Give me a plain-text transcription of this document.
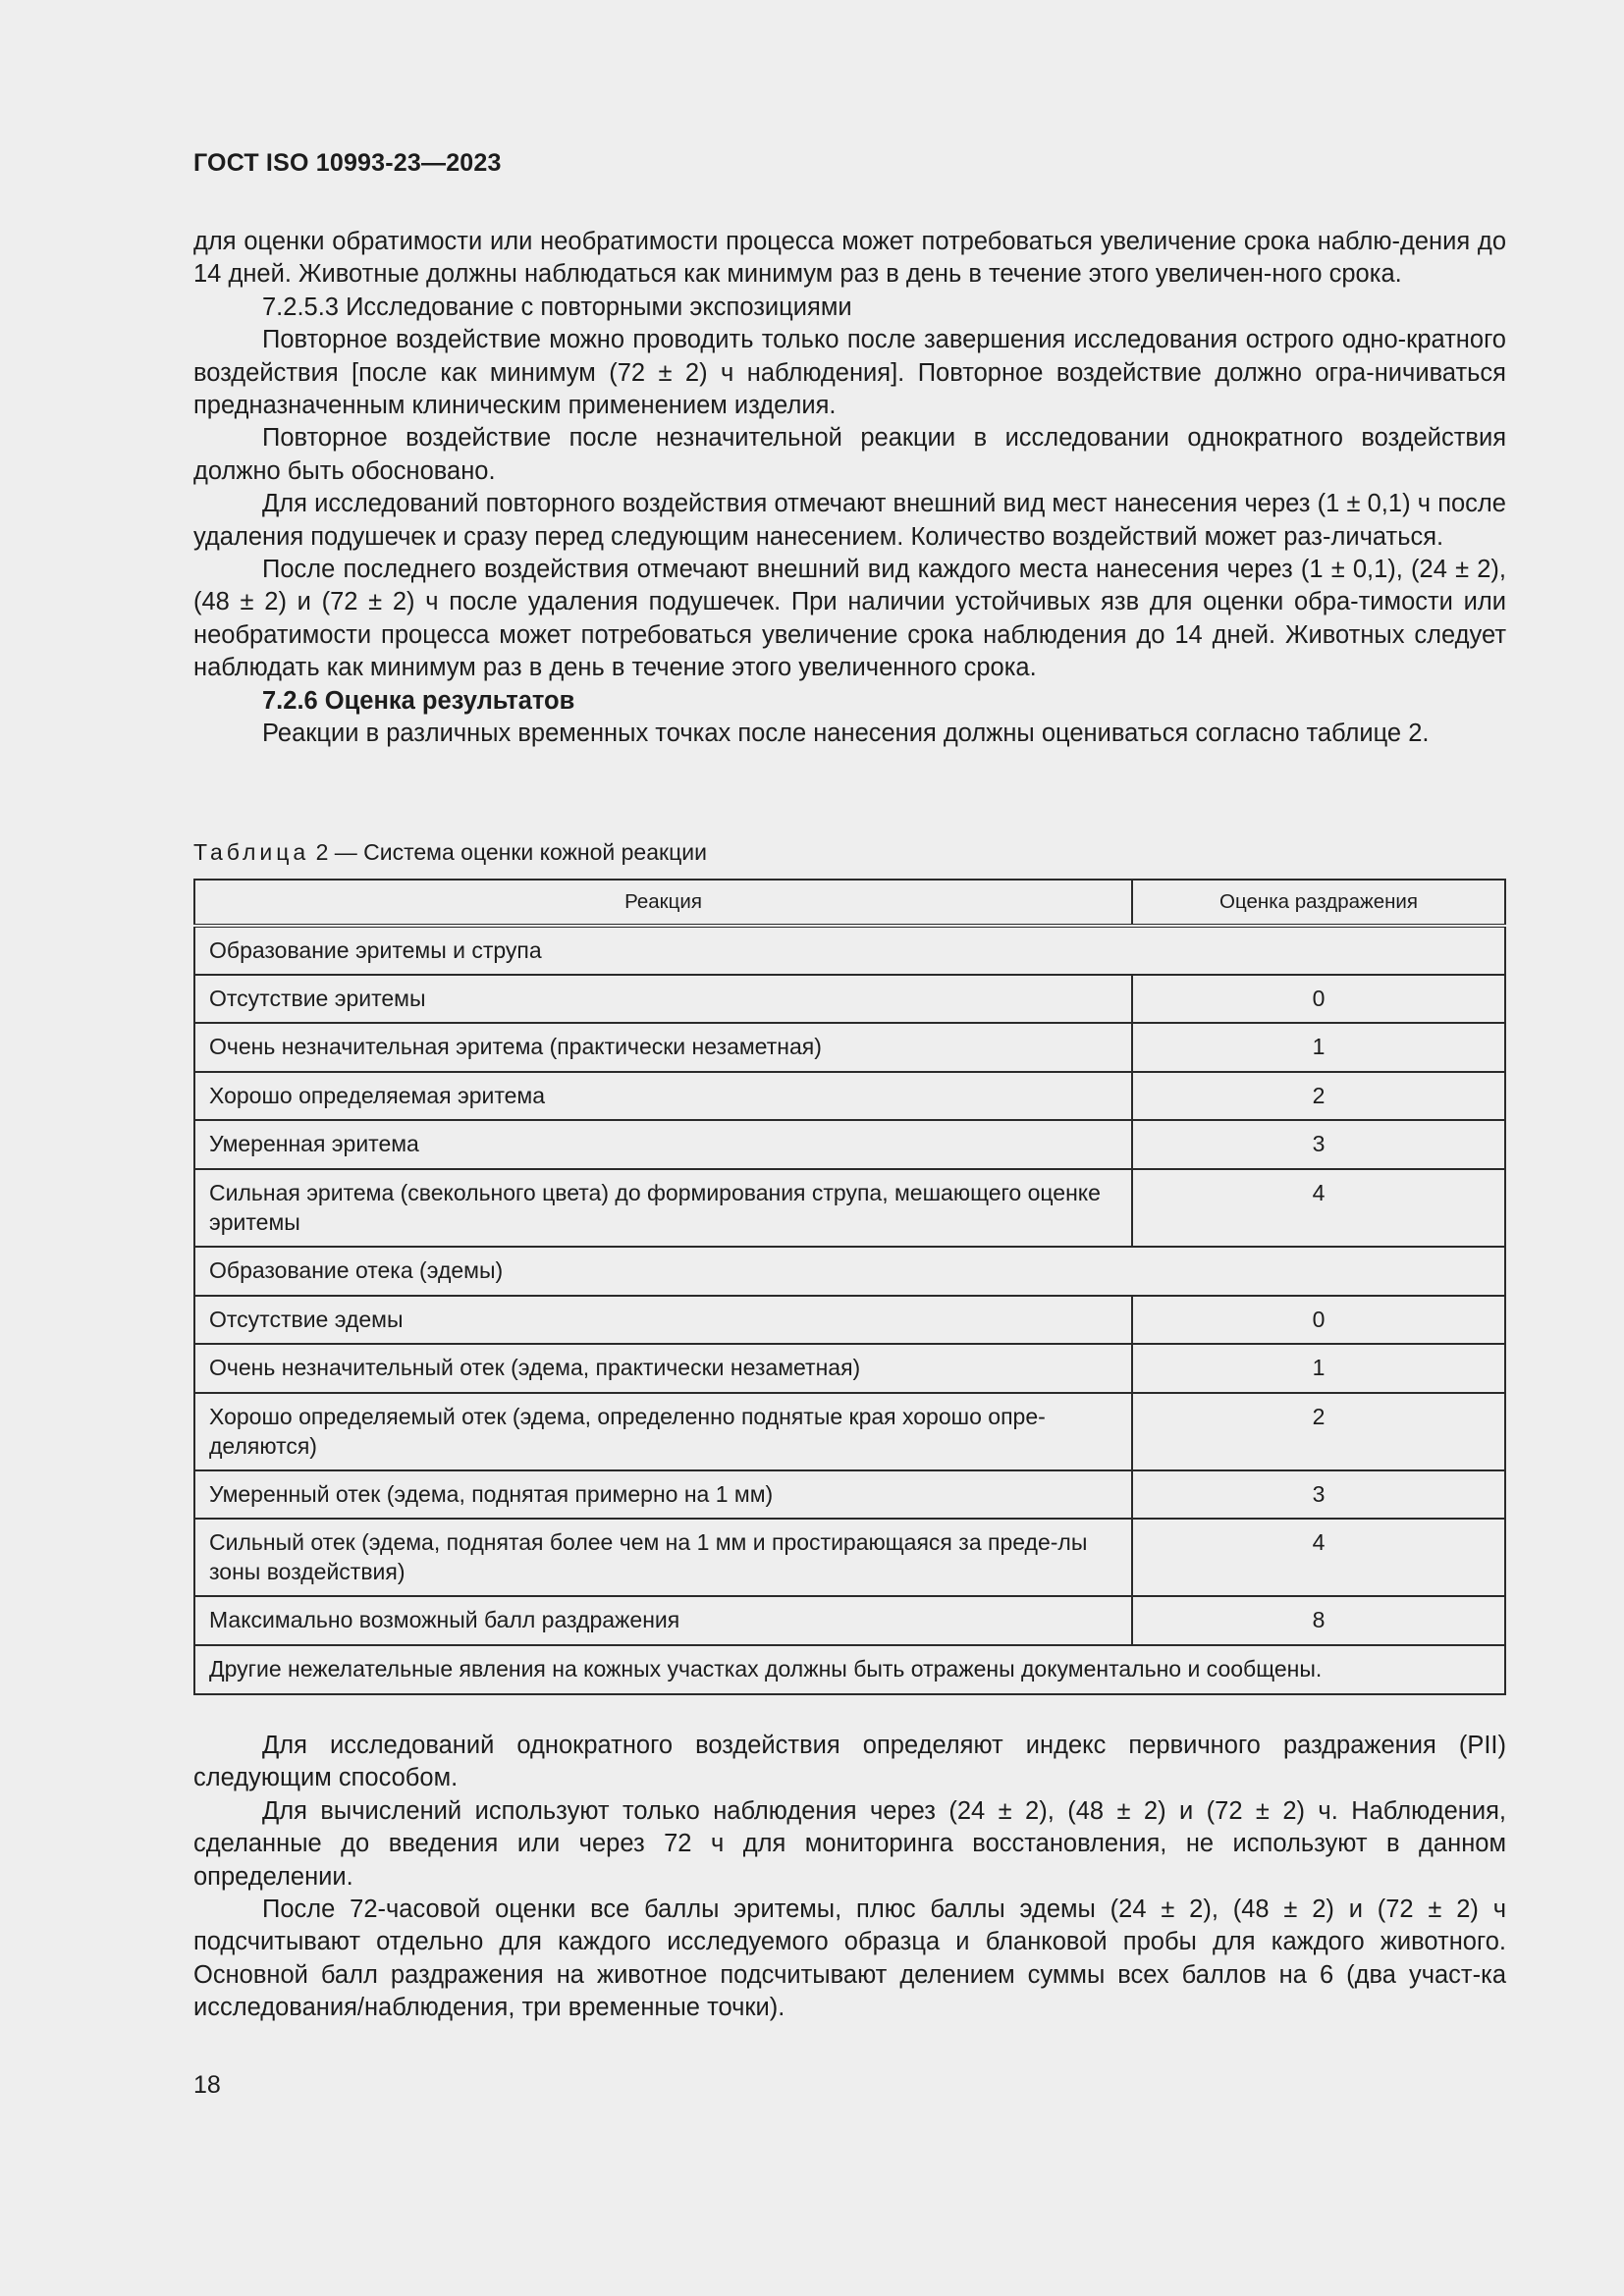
ГОСТ ISO 10993-23—2023

для оценки обратимости или необратимости процесса может потребоваться увеличение срока наблю-дения до 14 дней. Животные должны наблюдаться как минимум раз в день в течение этого увеличен-ного срока.

7.2.5.3 Исследование с повторными экспозициями

Повторное воздействие можно проводить только после завершения исследования острого одно-кратного воздействия [после как минимум (72 ± 2) ч наблюдения]. Повторное воздействие должно огра-ничиваться предназначенным клиническим применением изделия.

Повторное воздействие после незначительной реакции в исследовании однократного воздействия должно быть обосновано.

Для исследований повторного воздействия отмечают внешний вид мест нанесения через (1 ± 0,1) ч после удаления подушечек и сразу перед следующим нанесением. Количество воздействий может раз-личаться.

После последнего воздействия отмечают внешний вид каждого места нанесения через (1 ± 0,1), (24 ± 2), (48 ± 2) и (72 ± 2) ч после удаления подушечек. При наличии устойчивых язв для оценки обра-тимости или необратимости процесса может потребоваться увеличение срока наблюдения до 14 дней. Животных следует наблюдать как минимум раз в день в течение этого увеличенного срока.

7.2.6 Оценка результатов

Реакции в различных временных точках после нанесения должны оцениваться согласно таблице 2.

Таблица 2 — Система оценки кожной реакции
Реакция	Оценка раздражения
Образование эритемы и струпа	
Отсутствие эритемы	0
Очень незначительная эритема (практически незаметная)	1
Хорошо определяемая эритема	2
Умеренная эритема	3
Сильная эритема (свекольного цвета) до формирования струпа, мешающего оценке эритемы	4
Образование отека (эдемы)	
Отсутствие эдемы	0
Очень незначительный отек (эдема, практически незаметная)	1
Хорошо определяемый отек (эдема, определенно поднятые края хорошо опре-деляются)	2
Умеренный отек (эдема, поднятая примерно на 1 мм)	3
Сильный отек (эдема, поднятая более чем на 1 мм и простирающаяся за преде-лы зоны воздействия)	4
Максимально возможный балл раздражения	8
Другие нежелательные явления на кожных участках должны быть отражены документально и сообщены.	

Для исследований однократного воздействия определяют индекс первичного раздражения (PII) следующим способом.

Для вычислений используют только наблюдения через (24 ± 2), (48 ± 2) и (72 ± 2) ч. Наблюдения, сделанные до введения или через 72 ч для мониторинга восстановления, не используют в данном определении.

После 72-часовой оценки все баллы эритемы, плюс баллы эдемы (24 ± 2), (48 ± 2) и (72 ± 2) ч подсчитывают отдельно для каждого исследуемого образца и бланковой пробы для каждого животного. Основной балл раздражения на животное подсчитывают делением суммы всех баллов на 6 (два участ-ка исследования/наблюдения, три временные точки).

18
